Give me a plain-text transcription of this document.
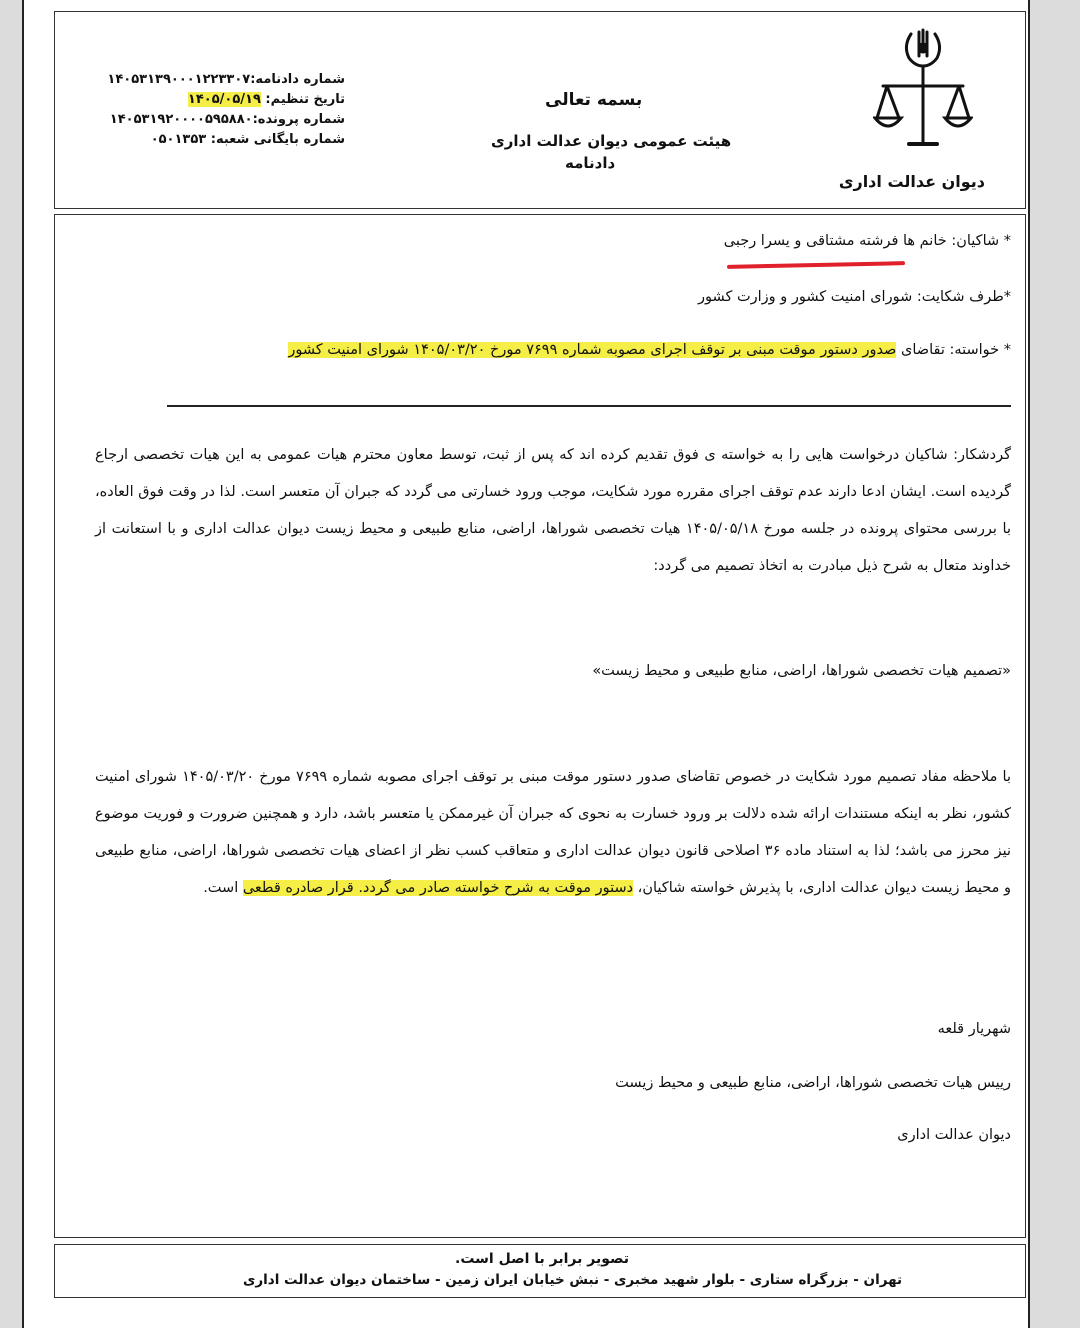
دیوان عدالت اداری
بسمه تعالی
هیئت عمومی دیوان عدالت اداری
دادنامه
شماره دادنامه:۱۴۰۵۳۱۳۹۰۰۰۱۲۲۳۳۰۷
تاریخ تنظیم: ۱۴۰۵/۰۵/۱۹
شماره پرونده:۱۴۰۵۳۱۹۲۰۰۰۰۵۹۵۸۸۰
شماره بایگانی شعبه: ۰۵۰۱۳۵۳
* شاکیان: خانم ها فرشته مشتاقی و یسرا رجبی
*طرف شکایت: شورای امنیت کشور و وزارت کشور
* خواسته: تقاضای صدور دستور موقت مبنی بر توقف اجرای مصوبه شماره ۷۶۹۹ مورخ ۱۴۰۵/۰۳/۲۰ شورای امنیت کشور
گردشکار: شاکیان درخواست هایی را به خواسته ی فوق تقدیم کرده اند که پس از ثبت، توسط معاون محترم هیات عمومی به این هیات تخصصی ارجاع گردیده است. ایشان ادعا دارند عدم توقف اجرای مقرره مورد شکایت، موجب ورود خسارتی می گردد که جبران آن متعسر است. لذا در وقت فوق العاده، با بررسی محتوای پرونده در جلسه مورخ ۱۴۰۵/۰۵/۱۸ هیات تخصصی شوراها، اراضی، منابع طبیعی و محیط زیست دیوان عدالت اداری و با استعانت از خداوند متعال به شرح ذیل مبادرت به اتخاذ تصمیم می گردد:
«تصمیم هیات تخصصی شوراها، اراضی، منابع طبیعی و محیط زیست»
با ملاحظه مفاد تصمیم مورد شکایت در خصوص تقاضای صدور دستور موقت مبنی بر توقف اجرای مصوبه شماره ۷۶۹۹ مورخ ۱۴۰۵/۰۳/۲۰ شورای امنیت کشور، نظر به اینکه مستندات ارائه شده دلالت بر ورود خسارت به نحوی که جبران آن غیرممکن یا متعسر باشد، دارد و همچنین ضرورت و فوریت موضوع نیز محرز می باشد؛ لذا به استناد ماده ۳۶ اصلاحی قانون دیوان عدالت اداری و متعاقب کسب نظر از اعضای هیات تخصصی شوراها، اراضی، منابع طبیعی و محیط زیست دیوان عدالت اداری، با پذیرش خواسته شاکیان، دستور موقت به شرح خواسته صادر می گردد. قرار صادره قطعی است.
شهریار قلعه
رییس هیات تخصصی شوراها، اراضی، منابع طبیعی و محیط زیست
دیوان عدالت اداری
تصویر برابر با اصل است.
تهران - بزرگراه ستاری - بلوار شهید مخبری - نبش خیابان ایران زمین - ساختمان دیوان عدالت اداری
